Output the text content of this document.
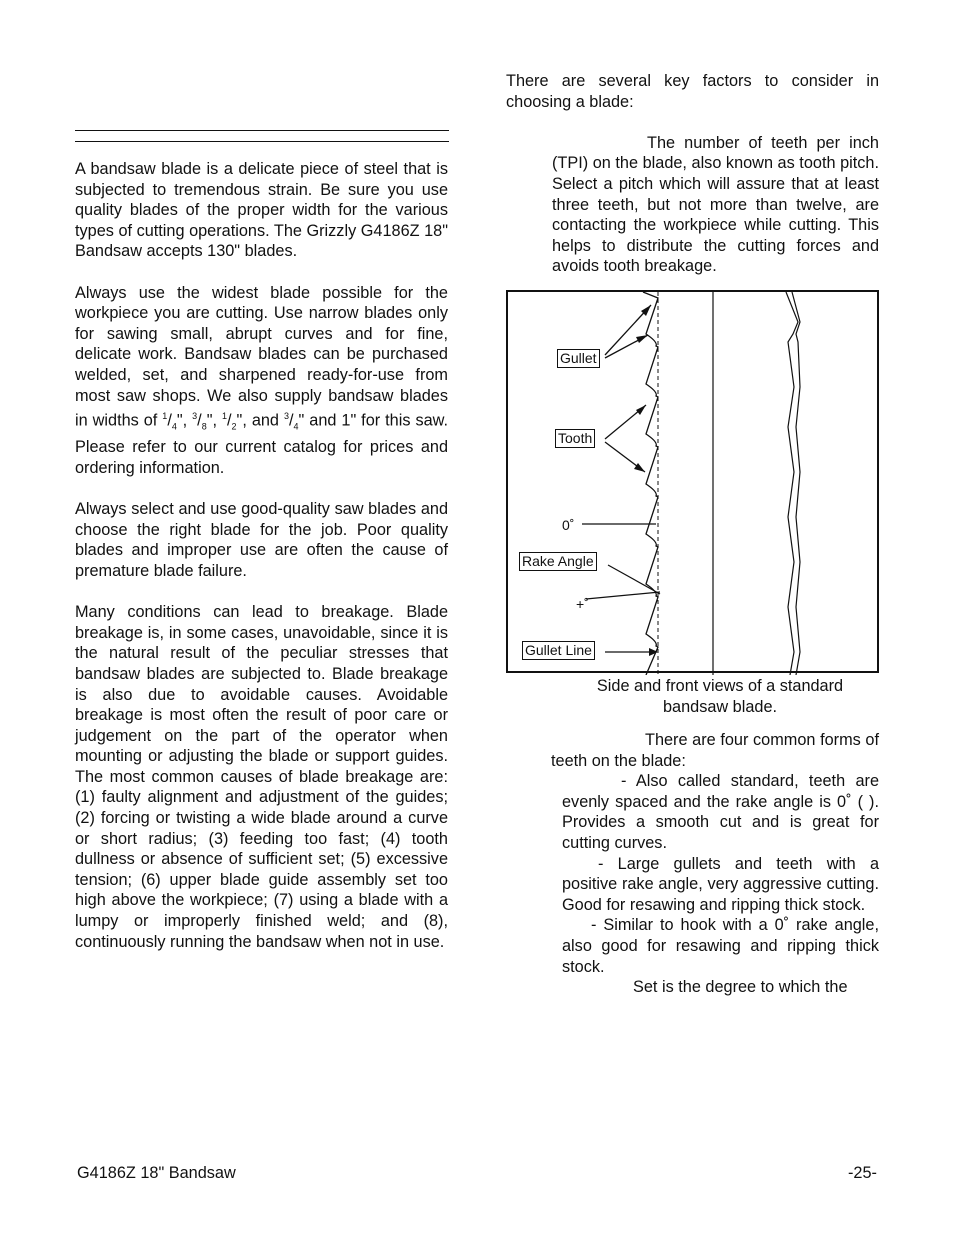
A bandsaw blade is a delicate piece of steel that is subjected to tremendous strain. Be sure you use quality blades of the proper width for the various types of cutting operations. The Grizzly G4186Z 18" Bandsaw accepts 130" blades.

Always use the widest blade possible for the workpiece you are cutting. Use narrow blades only for sawing small, abrupt curves and for fine, delicate work. Bandsaw blades can be purchased welded, set, and sharpened ready-for-use from most saw shops. We also supply bandsaw blades in widths of $^1/_4$", $^3/_8$", $^1/_2$", and $^3/_4$" and 1" for this saw. Please refer to our current catalog for prices and ordering information.

Always select and use good-quality saw blades and choose the right blade for the job. Poor quality blades and improper use are often the cause of premature blade failure.

Many conditions can lead to breakage. Blade breakage is, in some cases, unavoidable, since it is the natural result of the peculiar stresses that bandsaw blades are subjected to. Blade breakage is also due to avoidable causes. Avoidable breakage is most often the result of poor care or judgement on the part of the operator when mounting or adjusting the blade or support guides. The most common causes of blade breakage are: (1) faulty alignment and adjustment of the guides; (2) forcing or twisting a wide blade around a curve or short radius; (3) feeding too fast; (4) tooth dullness or absence of sufficient set; (5) excessive tension; (6) upper blade guide assembly set too high above the workpiece; (7) using a blade with a lumpy or improperly finished weld; and (8), continuously running the bandsaw when not in use.

There are several key factors to consider in choosing a blade:

The number of teeth per inch (TPI) on the blade, also known as tooth pitch. Select a pitch which will assure that at least three teeth, but not more than twelve, are contacting the workpiece while cutting. This helps to distribute the cutting forces and avoids tooth breakage.

Gullet
Tooth
0˚
Rake Angle
+˚
Gullet Line
Side and front views of a standard
bandsaw blade.

There are four common forms of teeth on the blade:

- Also called standard, teeth are evenly spaced and the rake angle is 0˚ ( ). Provides a smooth cut and is great for cutting curves.

- Large gullets and teeth with a positive rake angle, very aggressive cutting. Good for resawing and ripping thick stock.

- Similar to hook with a 0˚ rake angle, also good for resawing and ripping thick stock.

Set is the degree to which the

G4186Z 18" Bandsaw	-25-
